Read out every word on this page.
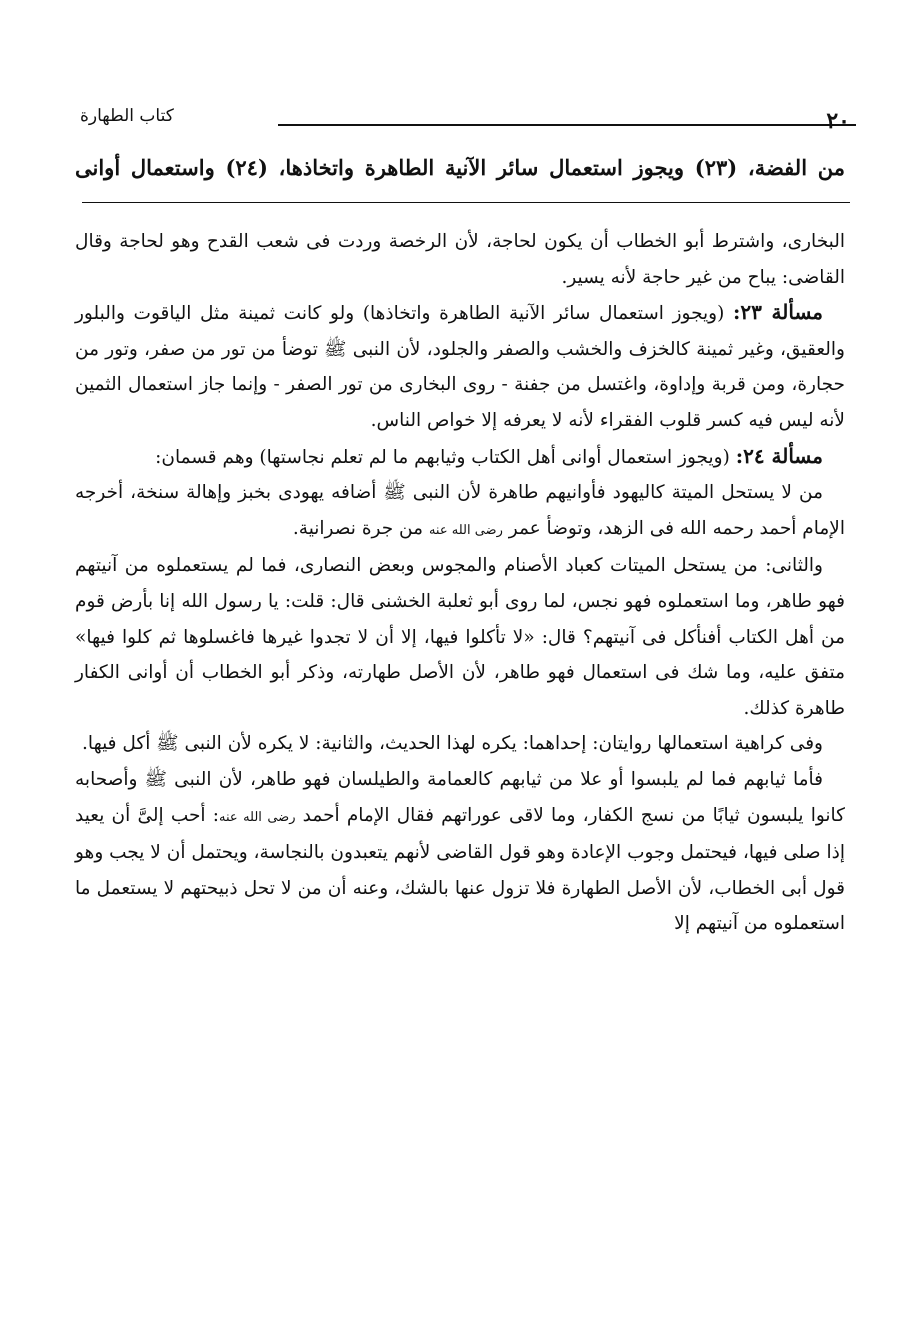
كتاب الطهارة	٢٠
من الفضة، (٢٣) ويجوز استعمال سائر الآنية الطاهرة واتخاذها، (٢٤) واستعمال أوانى

البخارى، واشترط أبو الخطاب أن يكون لحاجة، لأن الرخصة وردت فى شعب القدح وهو لحاجة وقال القاضى: يباح من غير حاجة لأنه يسير.

مسألة ٢٣: (ويجوز استعمال سائر الآنية الطاهرة واتخاذها) ولو كانت ثمينة مثل الياقوت والبلور والعقيق، وغير ثمينة كالخزف والخشب والصفر والجلود، لأن النبى ﷺ توضأ من تور من صفر، وتور من حجارة، ومن قربة وإداوة، واغتسل من جفنة - روى البخارى من تور الصفر - وإنما جاز استعمال الثمين لأنه ليس فيه كسر قلوب الفقراء لأنه لا يعرفه إلا خواص الناس.

مسألة ٢٤: (ويجوز استعمال أوانى أهل الكتاب وثيابهم ما لم تعلم نجاستها) وهم قسمان:

من لا يستحل الميتة كاليهود فأوانيهم طاهرة لأن النبى ﷺ أضافه يهودى بخبز وإهالة سنخة، أخرجه الإمام أحمد رحمه الله فى الزهد، وتوضأ عمر رضى الله عنه من جرة نصرانية.

والثانى: من يستحل الميتات كعباد الأصنام والمجوس وبعض النصارى، فما لم يستعملوه من آنيتهم فهو طاهر، وما استعملوه فهو نجس، لما روى أبو ثعلبة الخشنى قال: قلت: يا رسول الله إنا بأرض قوم من أهل الكتاب أفنأكل فى آنيتهم؟ قال: «لا تأكلوا فيها، إلا أن لا تجدوا غيرها فاغسلوها ثم كلوا فيها» متفق عليه، وما شك فى استعمال فهو طاهر، لأن الأصل طهارته، وذكر أبو الخطاب أن أوانى الكفار طاهرة كذلك.

وفى كراهية استعمالها روايتان: إحداهما: يكره لهذا الحديث، والثانية: لا يكره لأن النبى ﷺ أكل فيها.

فأما ثيابهم فما لم يلبسوا أو علا من ثيابهم كالعمامة والطيلسان فهو طاهر، لأن النبى ﷺ وأصحابه كانوا يلبسون ثيابًا من نسج الكفار، وما لاقى عوراتهم فقال الإمام أحمد رضى الله عنه: أحب إلىَّ أن يعيد إذا صلى فيها، فيحتمل وجوب الإعادة وهو قول القاضى لأنهم يتعبدون بالنجاسة، ويحتمل أن لا يجب وهو قول أبى الخطاب، لأن الأصل الطهارة فلا تزول عنها بالشك، وعنه أن من لا تحل ذبيحتهم لا يستعمل ما استعملوه من آنيتهم إلا
